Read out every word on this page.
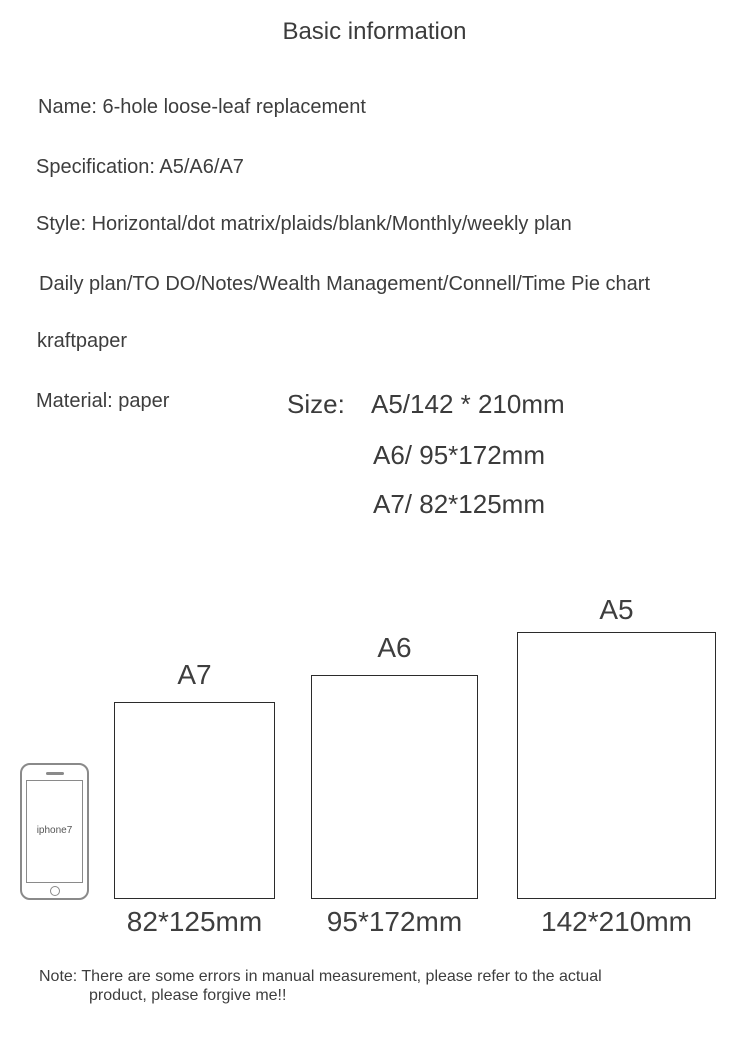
Basic information
Name: 6-hole loose-leaf replacement
Specification: A5/A6/A7
Style: Horizontal/dot matrix/plaids/blank/Monthly/weekly plan
Daily plan/TO DO/Notes/Wealth Management/Connell/Time Pie chart
kraftpaper
Material: paper	Size: A5/142 * 210mm
A6/ 95*172mm
A7/ 82*125mm
iphone7
A7
82*125mm
A6
95*172mm
A5
142*210mm
Note: There are some errors in manual measurement, please refer to the actual
product, please forgive me!!
